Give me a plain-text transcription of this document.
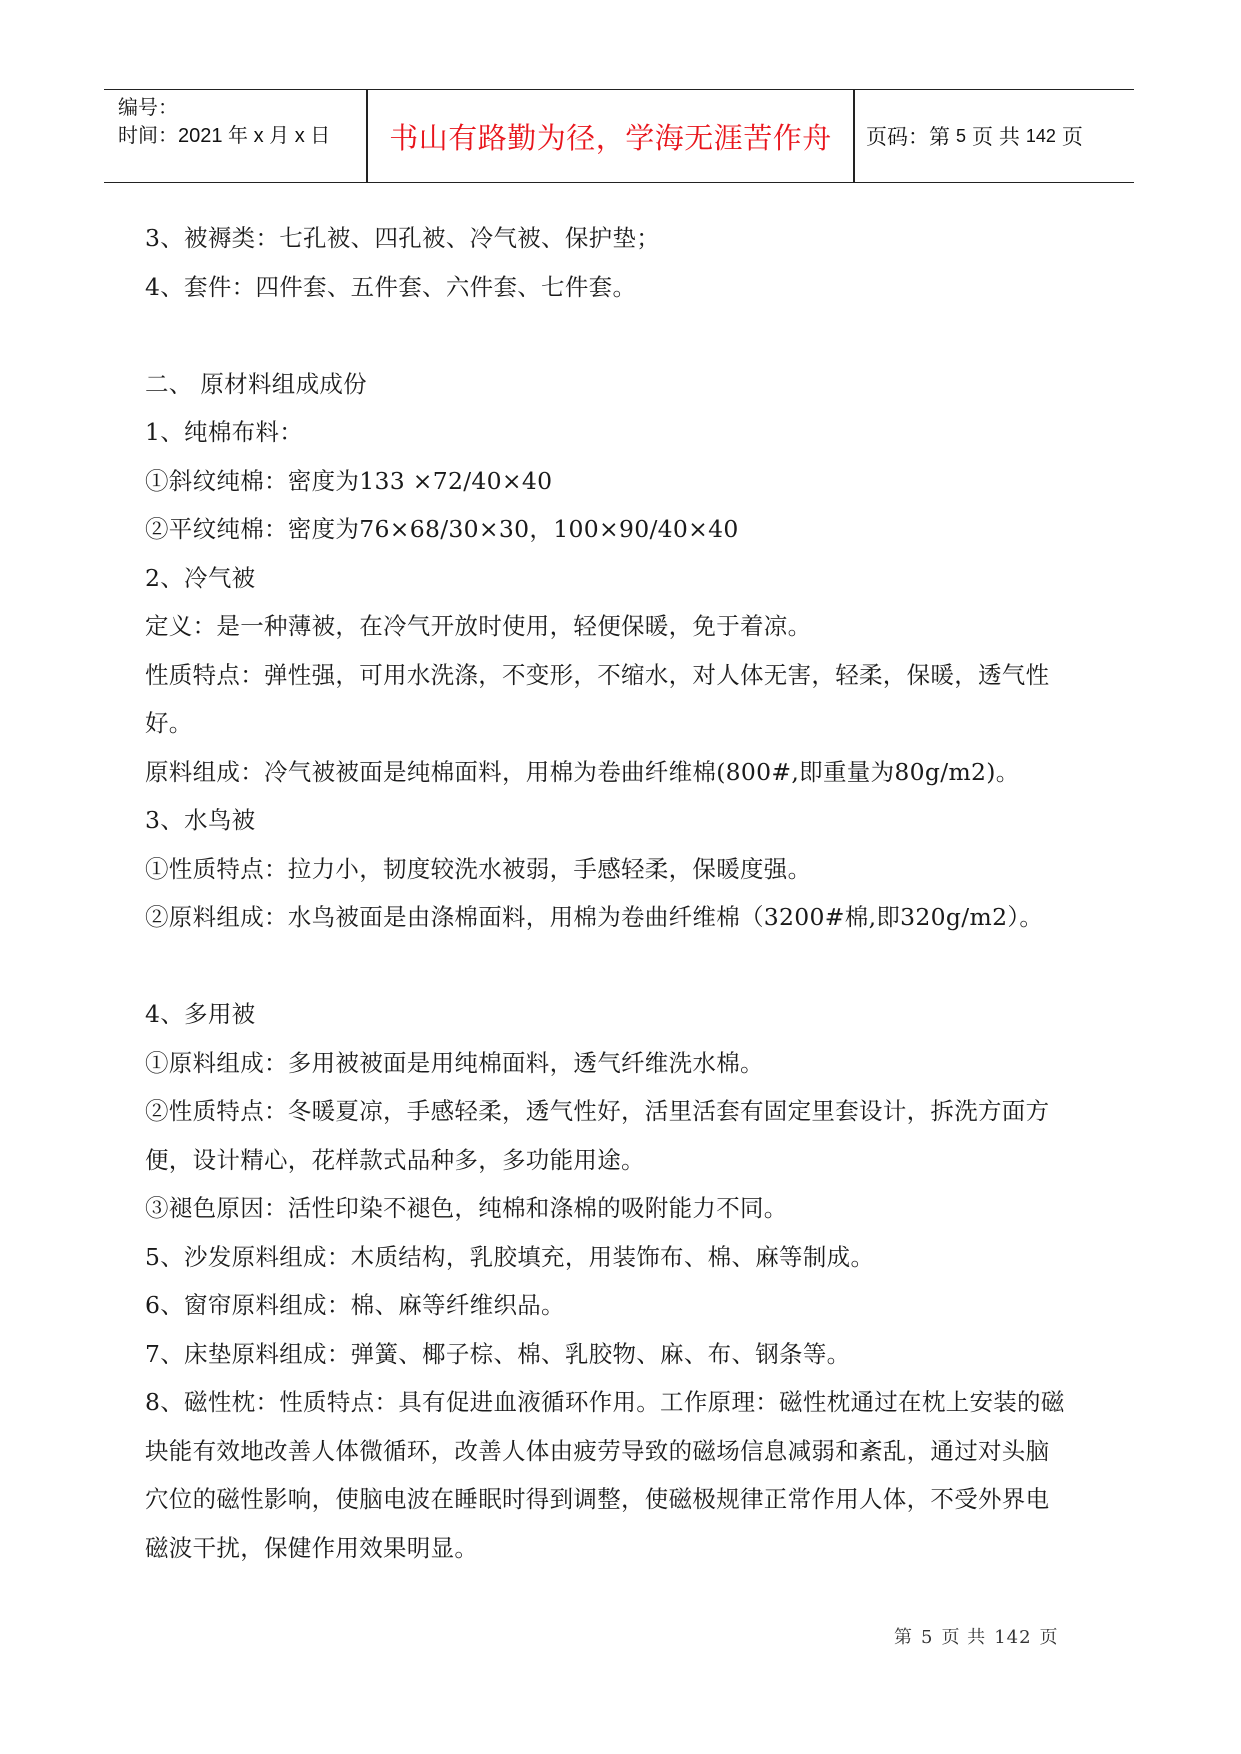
编号：
时间：2021 年 x 月 x 日	书山有路勤为径，学海无涯苦作舟	页码：第 5 页 共 142 页
3、被褥类：七孔被、四孔被、冷气被、保护垫；
4、套件：四件套、五件套、六件套、七件套。
二、 原材料组成成份
1、纯棉布料：
①斜纹纯棉：密度为133 ×72/40×40
②平纹纯棉：密度为76×68/30×30，100×90/40×40
2、冷气被
定义：是一种薄被，在冷气开放时使用，轻便保暖，免于着凉。
性质特点：弹性强，可用水洗涤，不变形，不缩水，对人体无害，轻柔，保暖，透气性
好。
原料组成：冷气被被面是纯棉面料，用棉为卷曲纤维棉(800#,即重量为80g/m2)。
3、水鸟被
①性质特点：拉力小，韧度较洗水被弱，手感轻柔，保暖度强。
②原料组成：水鸟被面是由涤棉面料，用棉为卷曲纤维棉（3200#棉,即320g/m2）。
4、多用被
①原料组成：多用被被面是用纯棉面料，透气纤维洗水棉。
②性质特点：冬暖夏凉，手感轻柔，透气性好，活里活套有固定里套设计，拆洗方面方
便，设计精心，花样款式品种多，多功能用途。
③褪色原因：活性印染不褪色，纯棉和涤棉的吸附能力不同。
5、沙发原料组成：木质结构，乳胶填充，用装饰布、棉、麻等制成。
6、窗帘原料组成：棉、麻等纤维织品。
7、床垫原料组成：弹簧、椰子棕、棉、乳胶物、麻、布、钢条等。
8、磁性枕：性质特点：具有促进血液循环作用。工作原理：磁性枕通过在枕上安装的磁
块能有效地改善人体微循环，改善人体由疲劳导致的磁场信息减弱和紊乱，通过对头脑
穴位的磁性影响，使脑电波在睡眠时得到调整，使磁极规律正常作用人体，不受外界电
磁波干扰，保健作用效果明显。
第 5 页 共 142 页
